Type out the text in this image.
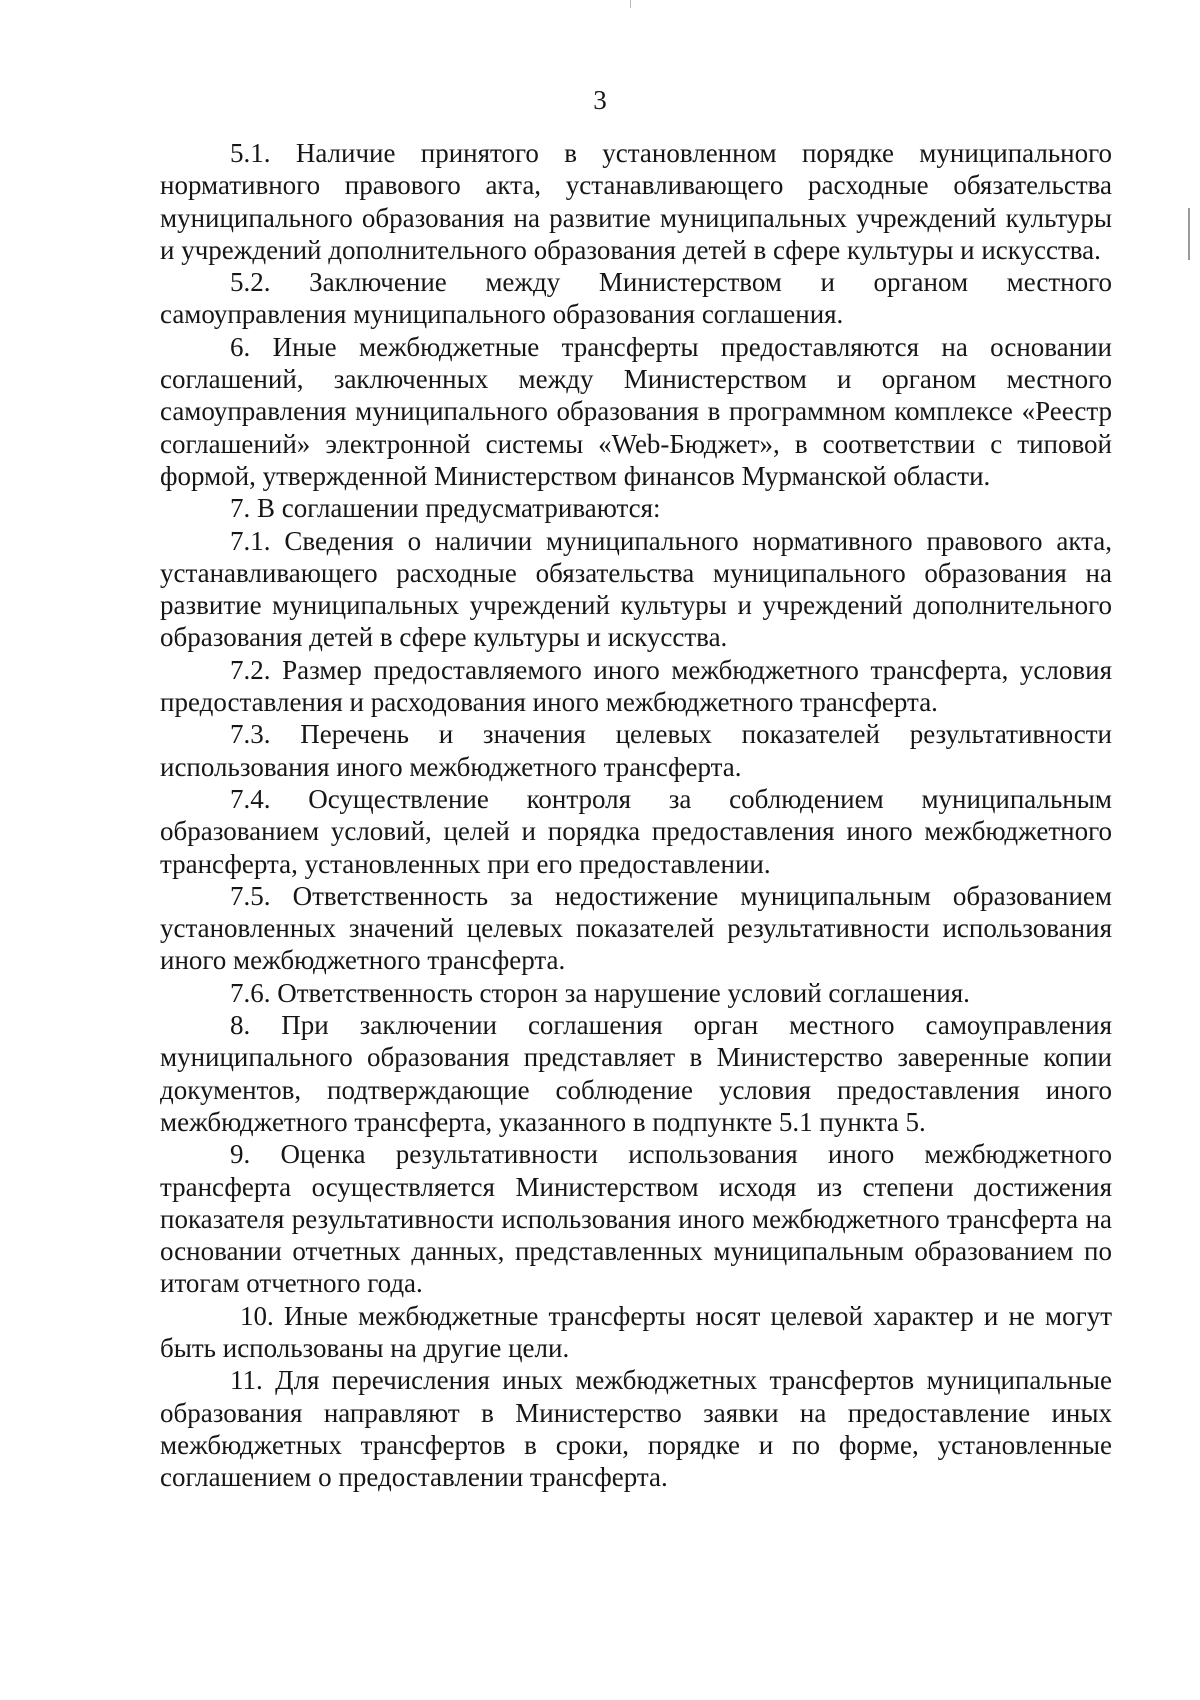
3

5.1. Наличие принятого в установленном порядке муниципального нормативного правового акта, устанавливающего расходные обязательства муниципального образования на развитие муниципальных учреждений культуры и учреждений дополнительного образования детей в сфере культуры и искусства.

5.2. Заключение между Министерством и органом местного самоуправления муниципального образования соглашения.

6. Иные межбюджетные трансферты предоставляются на основании соглашений, заключенных между Министерством и органом местного самоуправления муниципального образования в программном комплексе «Реестр соглашений» электронной системы «Web-Бюджет», в соответствии с типовой формой, утвержденной Министерством финансов Мурманской области.

7. В соглашении предусматриваются:

7.1. Сведения о наличии муниципального нормативного правового акта, устанавливающего расходные обязательства муниципального образования на развитие муниципальных учреждений культуры и учреждений дополнительного образования детей в сфере культуры и искусства.

7.2. Размер предоставляемого иного межбюджетного трансферта, условия предоставления и расходования иного межбюджетного трансферта.

7.3. Перечень и значения целевых показателей результативности использования иного межбюджетного трансферта.

7.4. Осуществление контроля за соблюдением муниципальным образованием условий, целей и порядка предоставления иного межбюджетного трансферта, установленных при его предоставлении.

7.5. Ответственность за недостижение муниципальным образованием установленных значений целевых показателей результативности использования иного межбюджетного трансферта.

7.6. Ответственность сторон за нарушение условий соглашения.

8. При заключении соглашения орган местного самоуправления муниципального образования представляет в Министерство заверенные копии документов, подтверждающие соблюдение условия предоставления иного межбюджетного трансферта, указанного в подпункте 5.1 пункта 5.

9. Оценка результативности использования иного межбюджетного трансферта осуществляется Министерством исходя из степени достижения показателя результативности использования иного межбюджетного трансферта на основании отчетных данных, представленных муниципальным образованием по итогам отчетного года.

10. Иные межбюджетные трансферты носят целевой характер и не могут быть использованы на другие цели.

11. Для перечисления иных межбюджетных трансфертов муниципальные образования направляют в Министерство заявки на предоставление иных межбюджетных трансфертов в сроки, порядке и по форме, установленные соглашением о предоставлении трансферта.
